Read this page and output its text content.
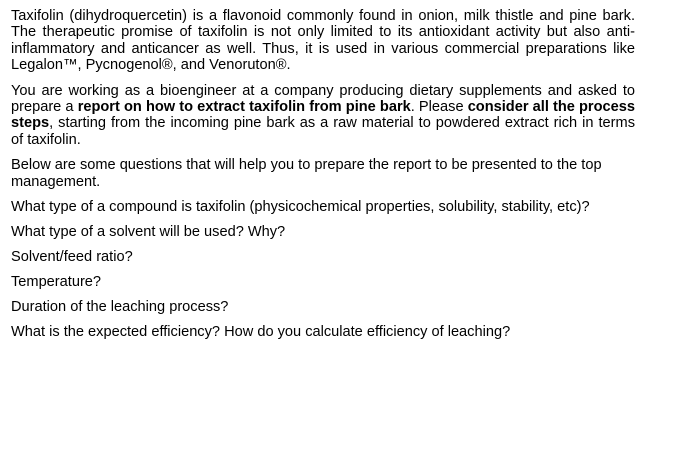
Taxifolin (dihydroquercetin) is a flavonoid commonly found in onion, milk thistle and pine bark. The therapeutic promise of taxifolin is not only limited to its antioxidant activity but also anti-inflammatory and anticancer as well. Thus, it is used in various commercial preparations like Legalon™, Pycnogenol®, and Venoruton®.

You are working as a bioengineer at a company producing dietary supplements and asked to prepare a report on how to extract taxifolin from pine bark. Please consider all the process steps, starting from the incoming pine bark as a raw material to powdered extract rich in terms of taxifolin.

Below are some questions that will help you to prepare the report to be presented to the top management.

What type of a compound is taxifolin (physicochemical properties, solubility, stability, etc)?

What type of a solvent will be used? Why?

Solvent/feed ratio?

Temperature?

Duration of the leaching process?

What is the expected efficiency? How do you calculate efficiency of leaching?
